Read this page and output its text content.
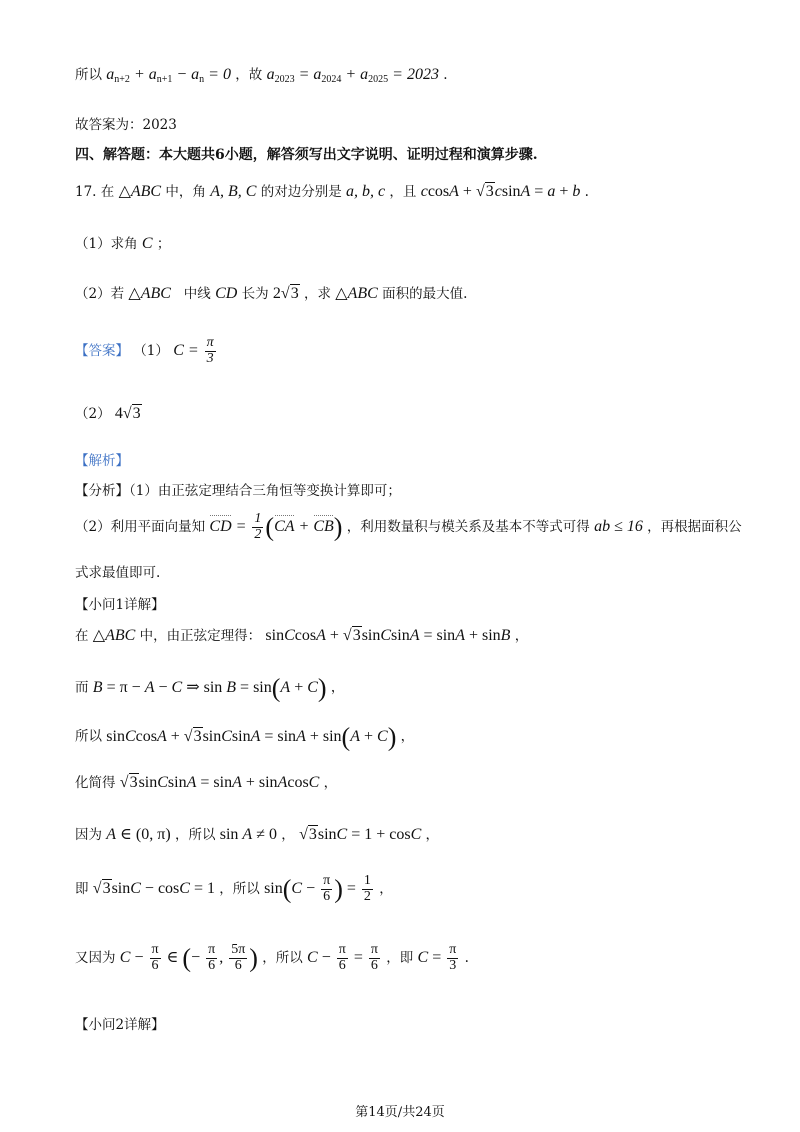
所以 $a_{n+2} + a_{n+1} - a_n = 0$ ，故 $a_{2023} = a_{2024} + a_{2025} = 2023$ .
故答案为：2023
四、解答题：本大题共6小题，解答须写出文字说明、证明过程和演算步骤.
17. 在 △ABC 中，角 A, B, C 的对边分别是 a, b, c ，且 ccosA + √3csinA = a + b .
（1）求角 C ；
（2）若 △ABC 中线 CD 长为 2√3 ，求 △ABC 面积的最大值.
【答案】 （1） $C = \frac{\pi}{3}$
（2） 4√3
【解析】
【分析】（1）由正弦定理结合三角恒等变换计算即可；
（2）利用平面向量知 CD = $\frac{1}{2} (CA + CB)$ ，利用数量积与模关系及基本不等式可得 ab ≤ 16 ，再根据面积公
式求最值即可.
【小问1详解】
在 △ABC 中，由正弦定理得： sinCcosA + √3sinCsinA = sinA + sinB ，
而 B = π − A − C ⇒ sin B = sin(A + C) ，
所以 sinCcosA + √3sinCsinA = sinA + sin(A + C) ，
化简得 √3sinCsinA = sinA + sinAcosC ，
因为 A ∈ (0, π) ，所以 sin A ≠ 0 ， √3sinC = 1 + cosC ，
即 √3sinC − cosC = 1 ，所以 $\sin(C - \frac{\pi}{6}$ ) = $\frac{1}{2}$ ，
又因为 $C - \frac{\pi}{6}$ ∈ (− $\frac{\pi}{6}$ , $\frac{5\pi}{6}$ ) ，所以 $C - \frac{\pi}{6} = \frac{\pi}{6}$ ，即 $C = \frac{\pi}{3}$ .
【小问2详解】
第14页/共24页
